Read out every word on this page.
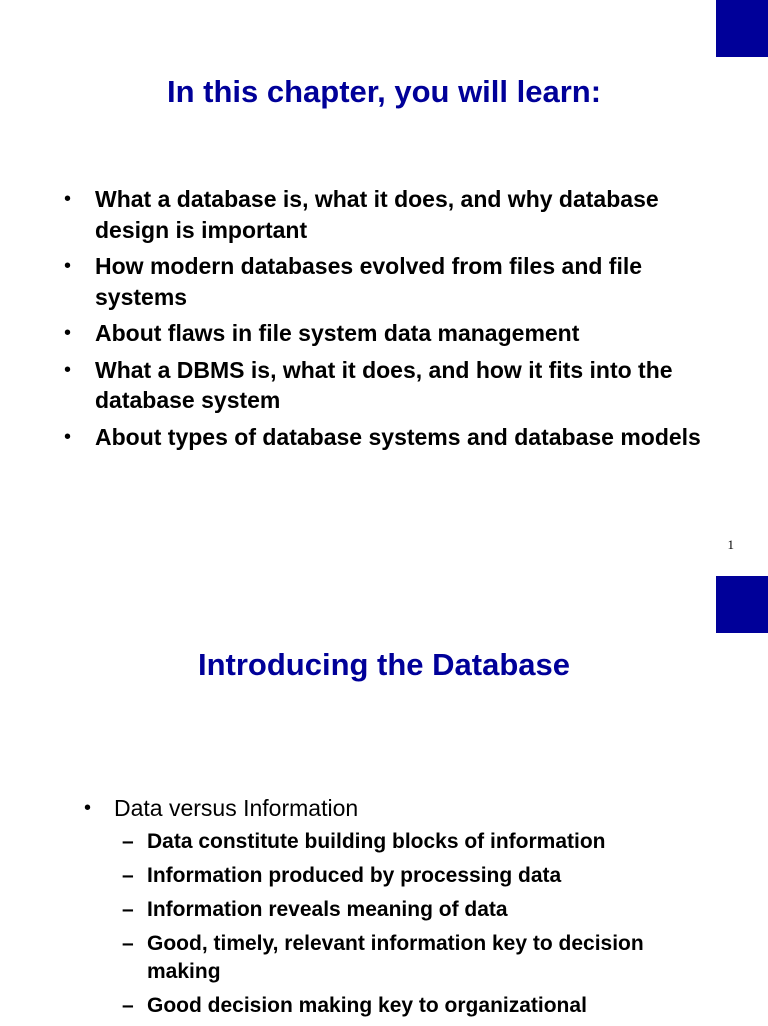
In this chapter, you will learn:
• What a database is, what it does, and why database design is important
• How modern databases evolved from files and file systems
• About flaws in file system data management
• What a DBMS is, what it does, and how it fits into the database system
• About types of database systems and database models
1
Introducing the Database
• Data versus Information
– Data constitute building blocks of information
– Information produced by processing data
– Information reveals meaning of data
– Good, timely, relevant information key to decision making
– Good decision making key to organizational
